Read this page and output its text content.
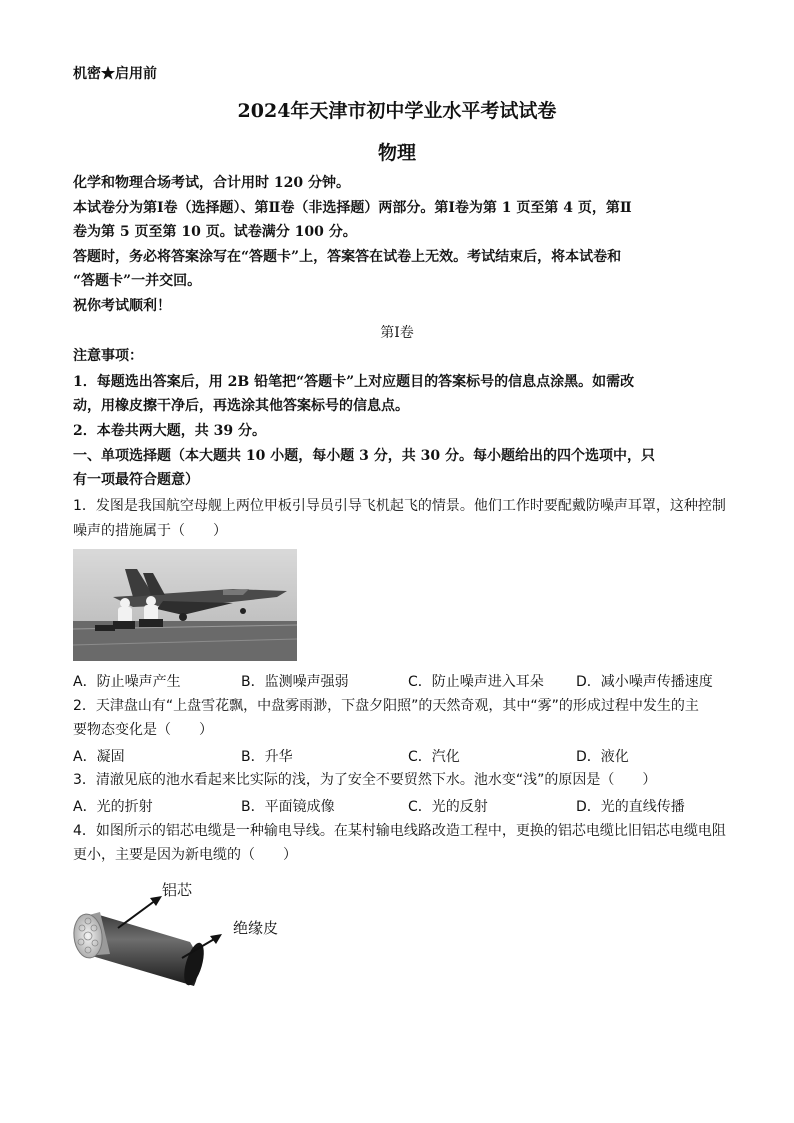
机密★启用前
2024年天津市初中学业水平考试试卷
物理
化学和物理合场考试，合计用时 120 分钟。
本试卷分为第Ⅰ卷（选择题）、第Ⅱ卷（非选择题）两部分。第Ⅰ卷为第 1 页至第 4 页，第Ⅱ
卷为第 5 页至第 10 页。试卷满分 100 分。
答题时，务必将答案涂写在“答题卡”上，答案答在试卷上无效。考试结束后，将本试卷和
“答题卡”一并交回。
祝你考试顺利！
第Ⅰ卷
注意事项：
1．每题选出答案后，用 2B 铅笔把“答题卡”上对应题目的答案标号的信息点涂黑。如需改
动，用橡皮擦干净后，再选涂其他答案标号的信息点。
2．本卷共两大题，共 39 分。
一、单项选择题（本大题共 10 小题，每小题 3 分，共 30 分。每小题给出的四个选项中，只
有一项最符合题意）
1．发图是我国航空母舰上两位甲板引导员引导飞机起飞的情景。他们工作时要配戴防噪声耳罩，这种控制
噪声的措施属于（　　）
A．防止噪声产生	B．监测噪声强弱	C．防止噪声进入耳朵 D．减小噪声传播速度
2．天津盘山有“上盘雪花飘，中盘雾雨渺，下盘夕阳照”的天然奇观，其中“雾”的形成过程中发生的主
要物态变化是（　　）
A．凝固	B．升华	C．汽化	D．液化
3．清澈见底的池水看起来比实际的浅，为了安全不要贸然下水。池水变“浅”的原因是（　　）
A．光的折射	B．平面镜成像	C．光的反射	D．光的直线传播
4．如图所示的铝芯电缆是一种输电导线。在某村输电线路改造工程中，更换的铝芯电缆比旧铝芯电缆电阻
更小，主要是因为新电缆的（　　）
铝芯
绝缘皮
